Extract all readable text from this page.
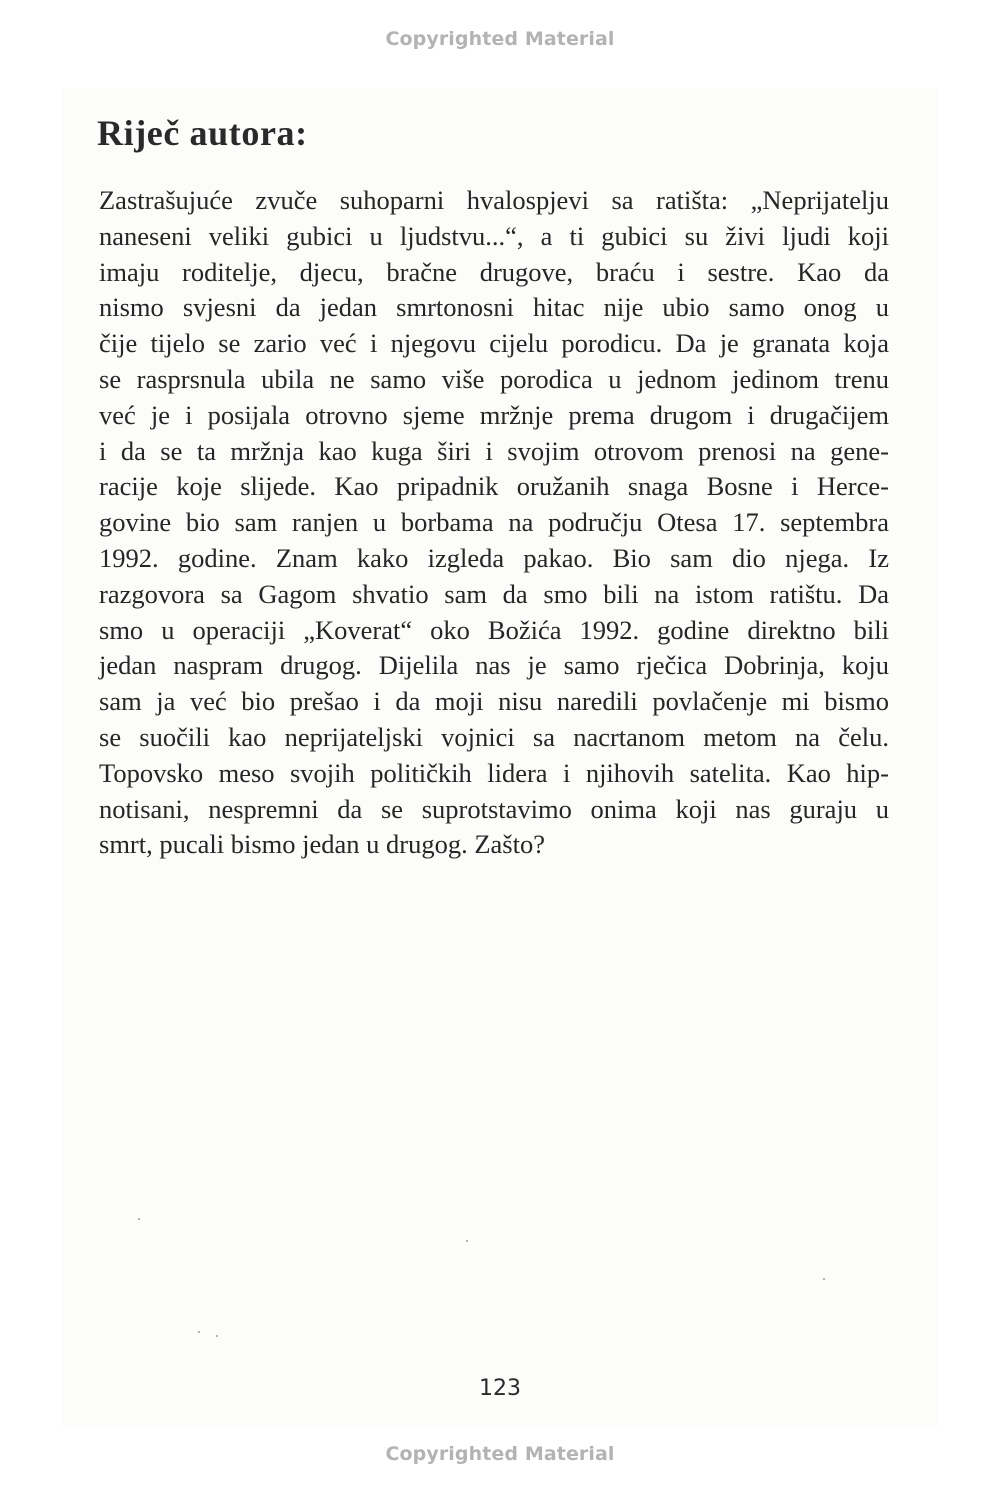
Copyrighted Material
Riječ autora:
Zastrašujuće zvuče suhoparni hvalospjevi sa ratišta: „Neprijatelju
naneseni veliki gubici u ljudstvu...“, a ti gubici su živi ljudi koji
imaju roditelje, djecu, bračne drugove, braću i sestre. Kao da
nismo svjesni da jedan smrtonosni hitac nije ubio samo onog u
čije tijelo se zario već i njegovu cijelu porodicu. Da je granata koja
se rasprsnula ubila ne samo više porodica u jednom jedinom trenu
već je i posijala otrovno sjeme mržnje prema drugom i drugačijem
i da se ta mržnja kao kuga širi i svojim otrovom prenosi na gene-
racije koje slijede. Kao pripadnik oružanih snaga Bosne i Herce-
govine bio sam ranjen u borbama na području Otesa 17. septembra
1992. godine. Znam kako izgleda pakao. Bio sam dio njega. Iz
razgovora sa Gagom shvatio sam da smo bili na istom ratištu. Da
smo u operaciji „Koverat“ oko Božića 1992. godine direktno bili
jedan naspram drugog. Dijelila nas je samo rječica Dobrinja, koju
sam ja već bio prešao i da moji nisu naredili povlačenje mi bismo
se suočili kao neprijateljski vojnici sa nacrtanom metom na čelu.
Topovsko meso svojih političkih lidera i njihovih satelita. Kao hip-
notisani, nespremni da se suprotstavimo onima koji nas guraju u
smrt, pucali bismo jedan u drugog. Zašto?
123
Copyrighted Material
